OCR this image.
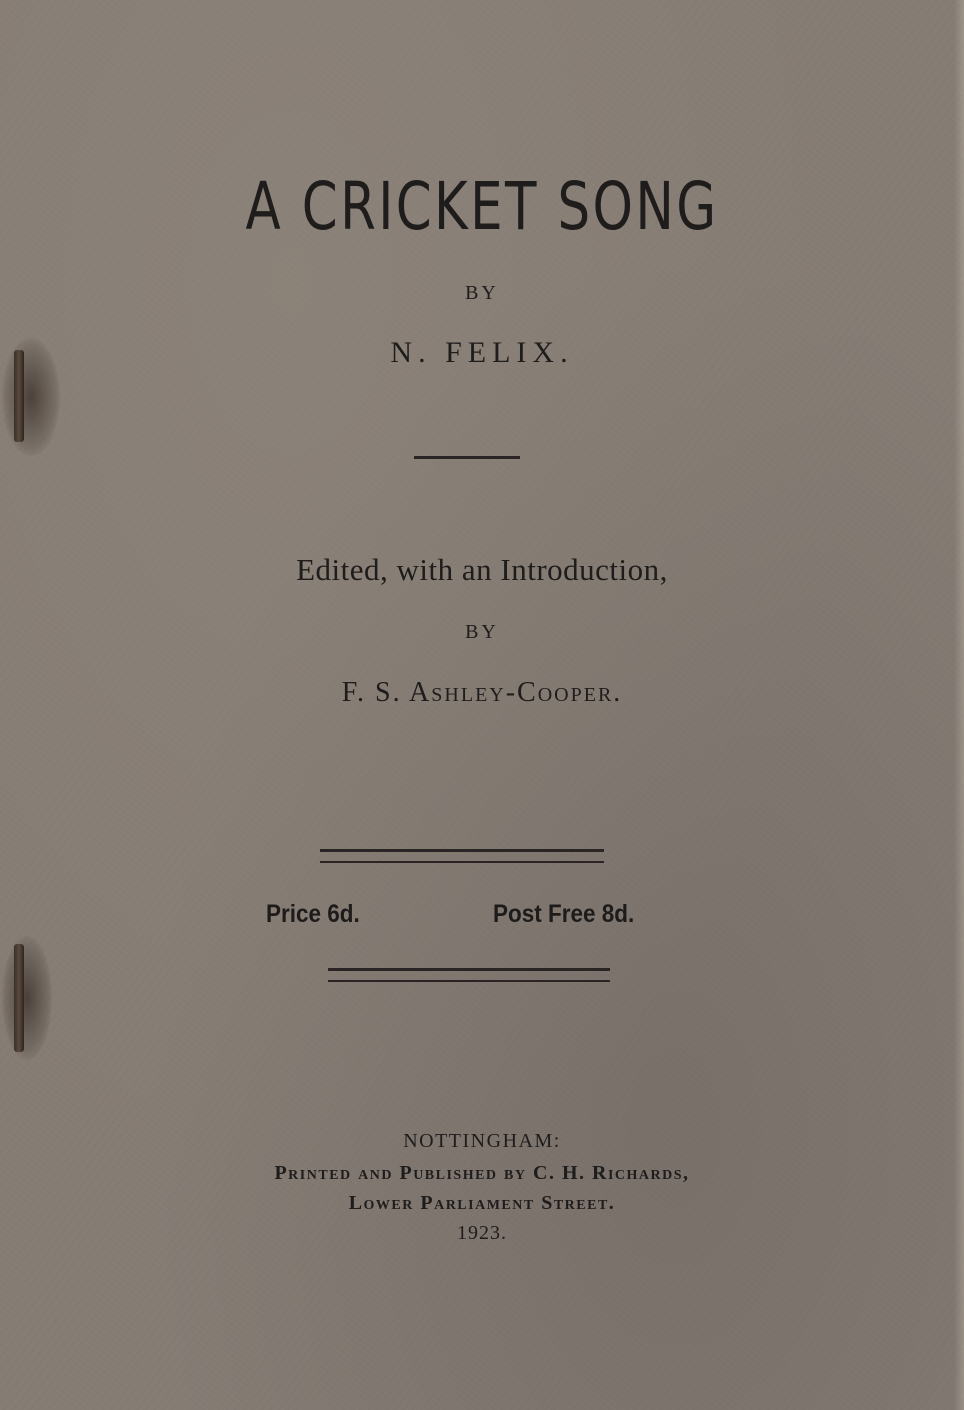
A CRICKET SONG
BY
N. FELIX.
Edited, with an Introduction,
BY
F. S. Ashley-Cooper.
Price 6d.	Post Free 8d.
NOTTINGHAM:
Printed and Published by C. H. Richards,
Lower Parliament Street.
1923.
